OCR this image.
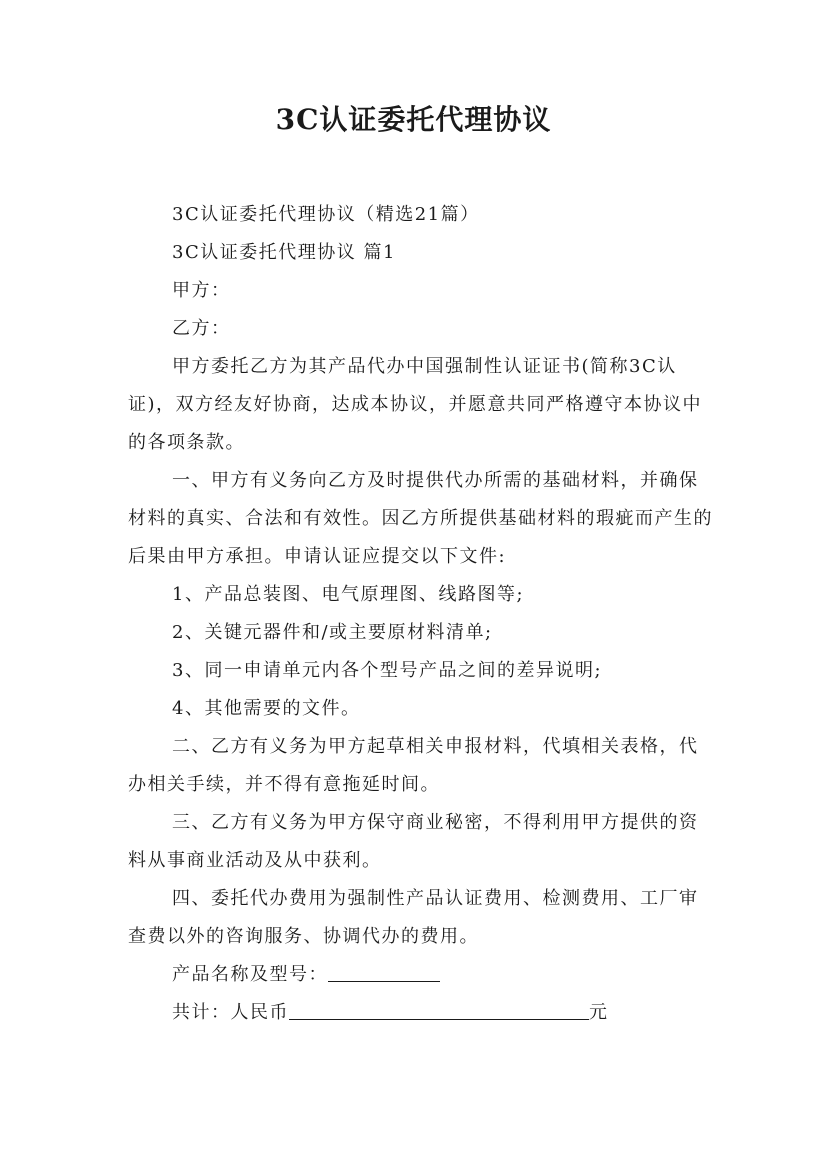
3C认证委托代理协议

3C认证委托代理协议（精选21篇）

3C认证委托代理协议 篇1

甲方：

乙方：

甲方委托乙方为其产品代办中国强制性认证证书(简称3C认证)，双方经友好协商，达成本协议，并愿意共同严格遵守本协议中的各项条款。

一、甲方有义务向乙方及时提供代办所需的基础材料，并确保材料的真实、合法和有效性。因乙方所提供基础材料的瑕疵而产生的后果由甲方承担。申请认证应提交以下文件:

1、产品总装图、电气原理图、线路图等;

2、关键元器件和/或主要原材料清单;

3、同一申请单元内各个型号产品之间的差异说明;

4、其他需要的文件。

二、乙方有义务为甲方起草相关申报材料，代填相关表格，代办相关手续，并不得有意拖延时间。

三、乙方有义务为甲方保守商业秘密，不得利用甲方提供的资料从事商业活动及从中获利。

四、委托代办费用为强制性产品认证费用、检测费用、工厂审查费以外的咨询服务、协调代办的费用。

产品名称及型号：

共计：人民币	元
